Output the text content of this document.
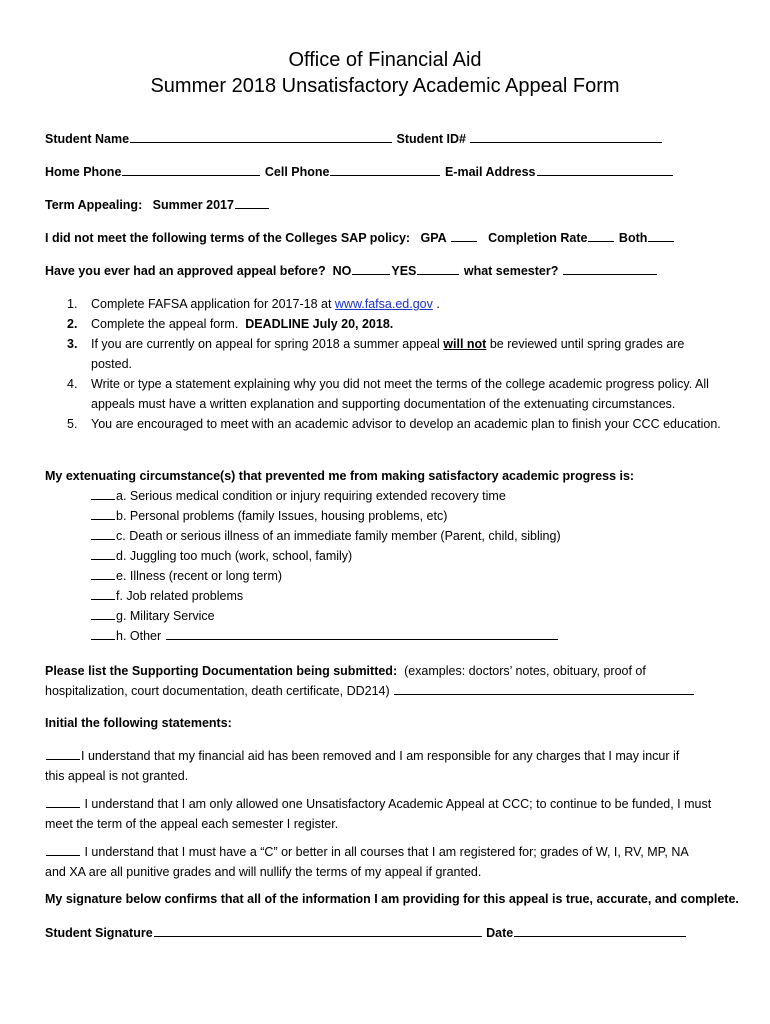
Office of Financial Aid
Summer 2018 Unsatisfactory Academic Appeal Form
Student Name	Student ID#
Home Phone	Cell Phone	E-mail Address
Term Appealing: Summer 2017
I did not meet the following terms of the Colleges SAP policy: GPA	Completion Rate	Both
Have you ever had an approved appeal before? NO	YES	what semester?
1. Complete FAFSA application for 2017-18 at www.fafsa.ed.gov .
2. Complete the appeal form. DEADLINE July 20, 2018.
3. If you are currently on appeal for spring 2018 a summer appeal will not be reviewed until spring grades are posted.
4. Write or type a statement explaining why you did not meet the terms of the college academic progress policy. All appeals must have a written explanation and supporting documentation of the extenuating circumstances.
5. You are encouraged to meet with an academic advisor to develop an academic plan to finish your CCC education.
My extenuating circumstance(s) that prevented me from making satisfactory academic progress is:
a. Serious medical condition or injury requiring extended recovery time
b. Personal problems (family Issues, housing problems, etc)
c. Death or serious illness of an immediate family member (Parent, child, sibling)
d. Juggling too much (work, school, family)
e. Illness (recent or long term)
f. Job related problems
g. Military Service
h. Other
Please list the Supporting Documentation being submitted: (examples: doctors’ notes, obituary, proof of
hospitalization, court documentation, death certificate, DD214)
Initial the following statements:
I understand that my financial aid has been removed and I am responsible for any charges that I may incur if
this appeal is not granted.
I understand that I am only allowed one Unsatisfactory Academic Appeal at CCC; to continue to be funded, I must
meet the term of the appeal each semester I register.
I understand that I must have a “C” or better in all courses that I am registered for; grades of W, I, RV, MP, NA
and XA are all punitive grades and will nullify the terms of my appeal if granted.
My signature below confirms that all of the information I am providing for this appeal is true, accurate, and complete.
Student Signature	Date
